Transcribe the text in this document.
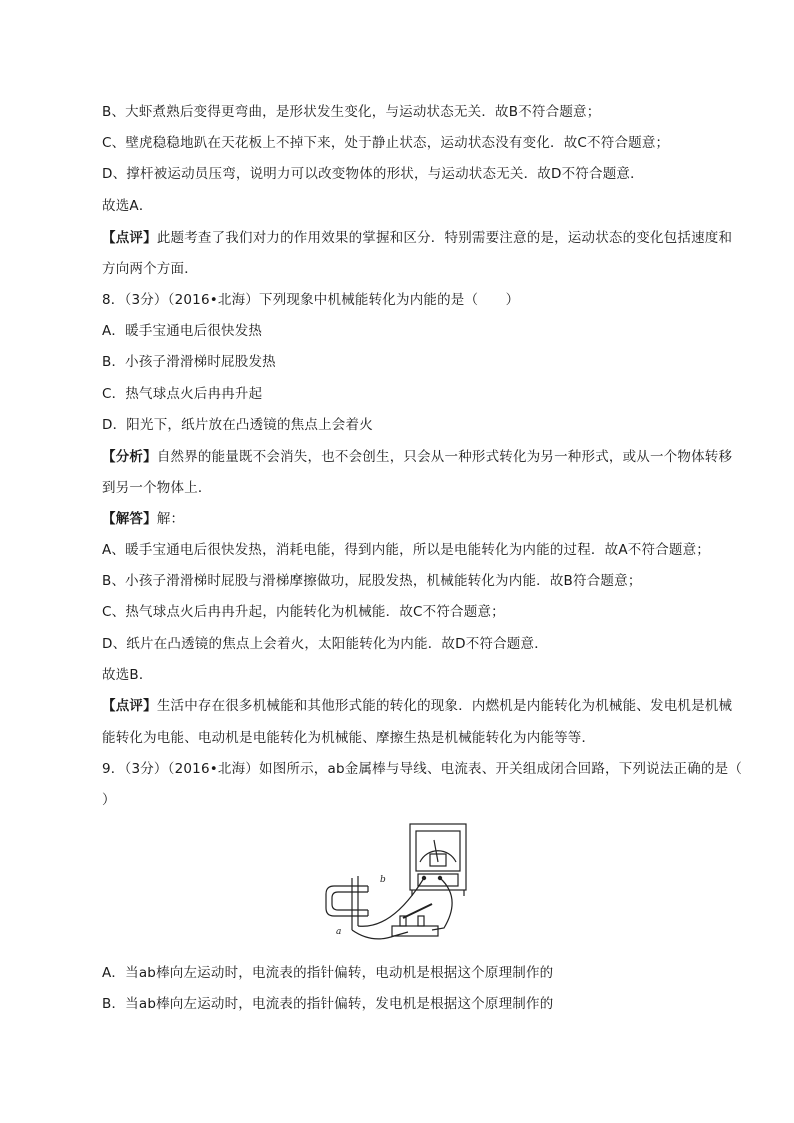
B、大虾煮熟后变得更弯曲，是形状发生变化，与运动状态无关．故B不符合题意；
C、壁虎稳稳地趴在天花板上不掉下来，处于静止状态，运动状态没有变化．故C不符合题意；
D、撑杆被运动员压弯，说明力可以改变物体的形状，与运动状态无关．故D不符合题意．
故选A．
【点评】此题考查了我们对力的作用效果的掌握和区分．特别需要注意的是，运动状态的变化包括速度和
方向两个方面．
8．（3分）（2016•北海）下列现象中机械能转化为内能的是（　　）
A．暖手宝通电后很快发热
B．小孩子滑滑梯时屁股发热
C．热气球点火后冉冉升起
D．阳光下，纸片放在凸透镜的焦点上会着火
【分析】自然界的能量既不会消失，也不会创生，只会从一种形式转化为另一种形式，或从一个物体转移
到另一个物体上．
【解答】解：
A、暖手宝通电后很快发热，消耗电能，得到内能，所以是电能转化为内能的过程．故A不符合题意；
B、小孩子滑滑梯时屁股与滑梯摩擦做功，屁股发热，机械能转化为内能．故B符合题意；
C、热气球点火后冉冉升起，内能转化为机械能．故C不符合题意；
D、纸片在凸透镜的焦点上会着火，太阳能转化为内能．故D不符合题意．
故选B．
【点评】生活中存在很多机械能和其他形式能的转化的现象．内燃机是内能转化为机械能、发电机是机械
能转化为电能、电动机是电能转化为机械能、摩擦生热是机械能转化为内能等等．
9．（3分）（2016•北海）如图所示，ab金属棒与导线、电流表、开关组成闭合回路，下列说法正确的是（
）
b
a
A．当ab棒向左运动时，电流表的指针偏转，电动机是根据这个原理制作的
B．当ab棒向左运动时，电流表的指针偏转，发电机是根据这个原理制作的
